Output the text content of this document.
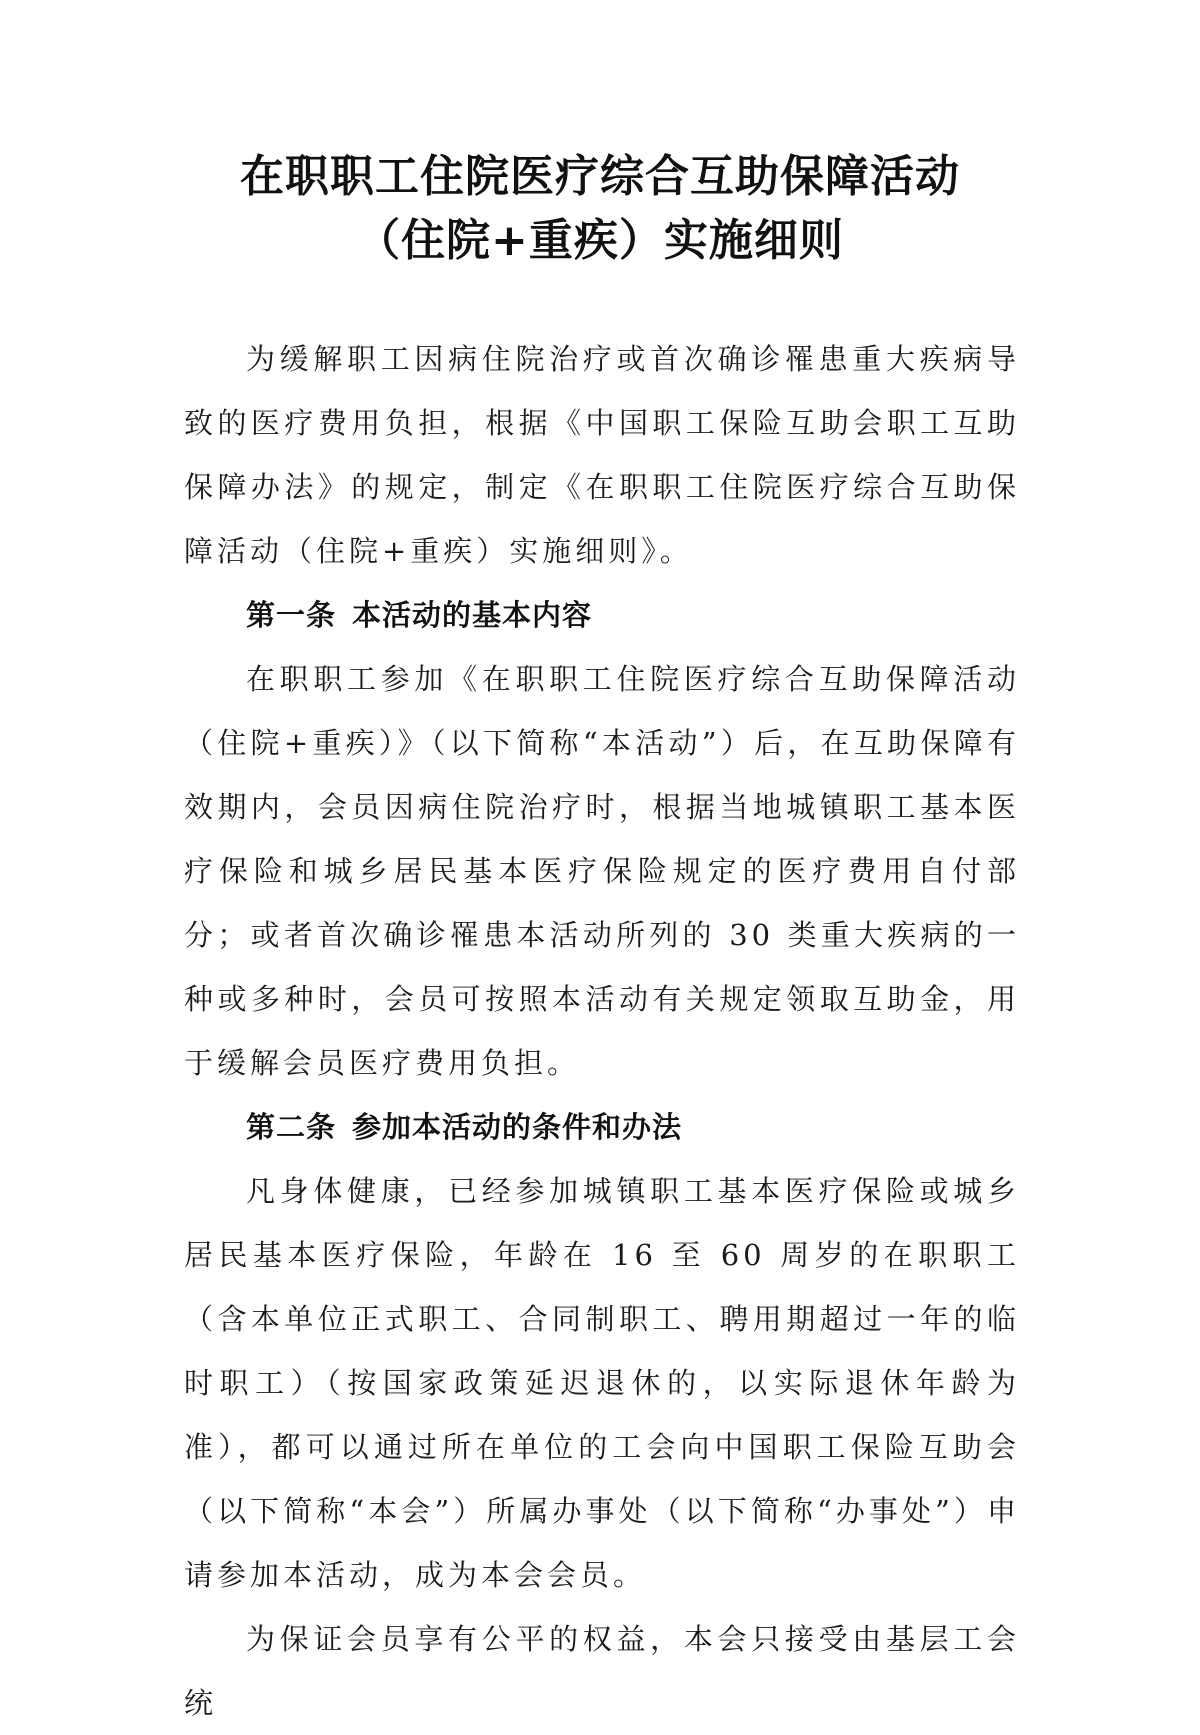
在职职工住院医疗综合互助保障活动
（住院+重疾）实施细则

为缓解职工因病住院治疗或首次确诊罹患重大疾病导致的医疗费用负担，根据《中国职工保险互助会职工互助保障办法》的规定，制定《在职职工住院医疗综合互助保障活动（住院+重疾）实施细则》。

第一条 本活动的基本内容

在职职工参加《在职职工住院医疗综合互助保障活动（住院+重疾）》（以下简称“本活动”）后，在互助保障有效期内，会员因病住院治疗时，根据当地城镇职工基本医疗保险和城乡居民基本医疗保险规定的医疗费用自付部分；或者首次确诊罹患本活动所列的 30 类重大疾病的一种或多种时，会员可按照本活动有关规定领取互助金，用于缓解会员医疗费用负担。

第二条 参加本活动的条件和办法

凡身体健康，已经参加城镇职工基本医疗保险或城乡居民基本医疗保险，年龄在 16 至 60 周岁的在职职工（含本单位正式职工、合同制职工、聘用期超过一年的临时职工）（按国家政策延迟退休的，以实际退休年龄为准），都可以通过所在单位的工会向中国职工保险互助会（以下简称“本会”）所属办事处（以下简称“办事处”）申请参加本活动，成为本会会员。

为保证会员享有公平的权益，本会只接受由基层工会统
